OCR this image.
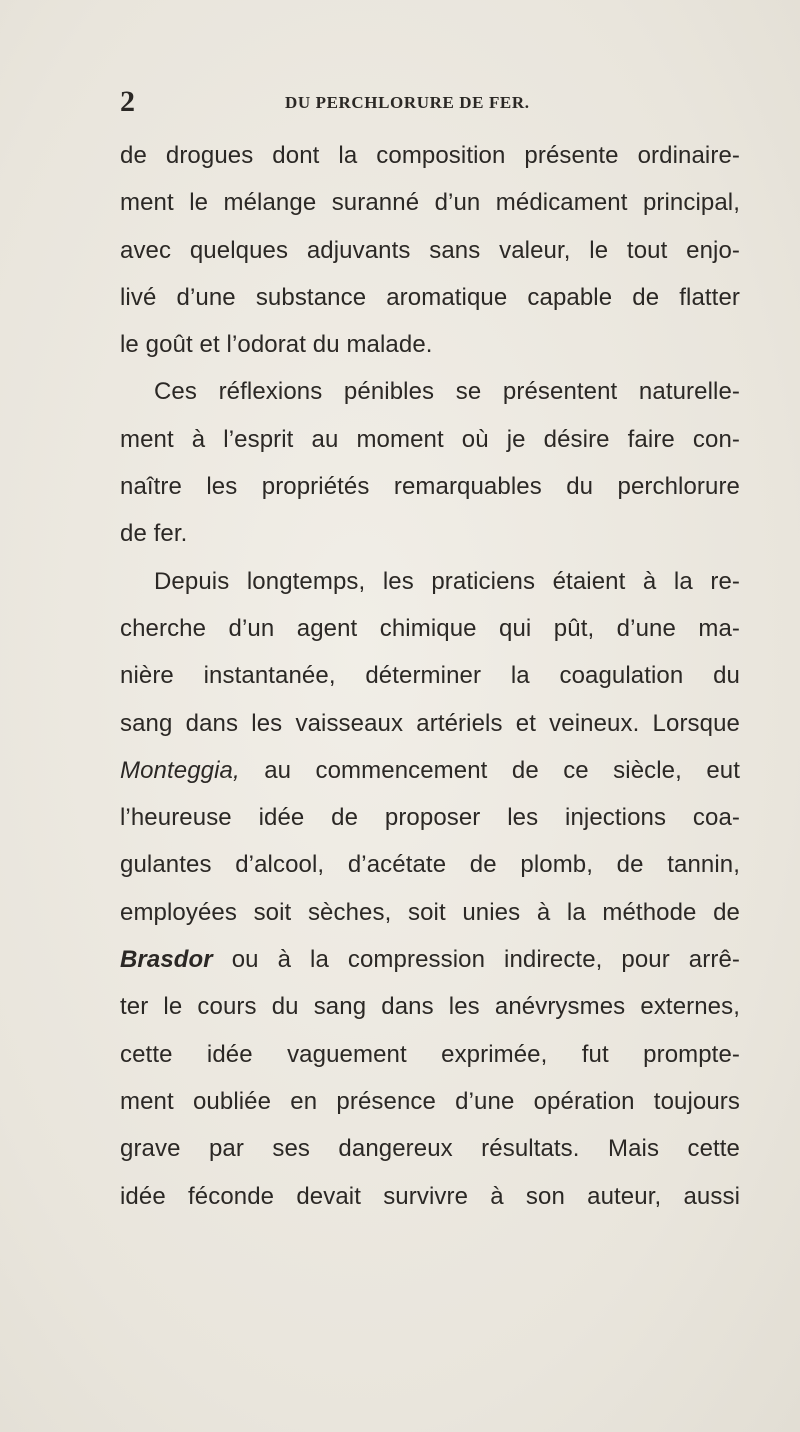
2	DU PERCHLORURE DE FER.
de drogues dont la composition présente ordinaire-
ment le mélange suranné d’un médicament principal,
avec quelques adjuvants sans valeur, le tout enjo-
livé d’une substance aromatique capable de flatter
le goût et l’odorat du malade.
Ces réflexions pénibles se présentent naturelle-
ment à l’esprit au moment où je désire faire con-
naître les propriétés remarquables du perchlorure
de fer.
Depuis longtemps, les praticiens étaient à la re-
cherche d’un agent chimique qui pût, d’une ma-
nière instantanée, déterminer la coagulation du
sang dans les vaisseaux artériels et veineux. Lorsque
Monteggia, au commencement de ce siècle, eut
l’heureuse idée de proposer les injections coa-
gulantes d’alcool, d’acétate de plomb, de tannin,
employées soit sèches, soit unies à la méthode de
Brasdor ou à la compression indirecte, pour arrê-
ter le cours du sang dans les anévrysmes externes,
cette idée vaguement exprimée, fut prompte-
ment oubliée en présence d’une opération toujours
grave par ses dangereux résultats. Mais cette
idée féconde devait survivre à son auteur, aussi
